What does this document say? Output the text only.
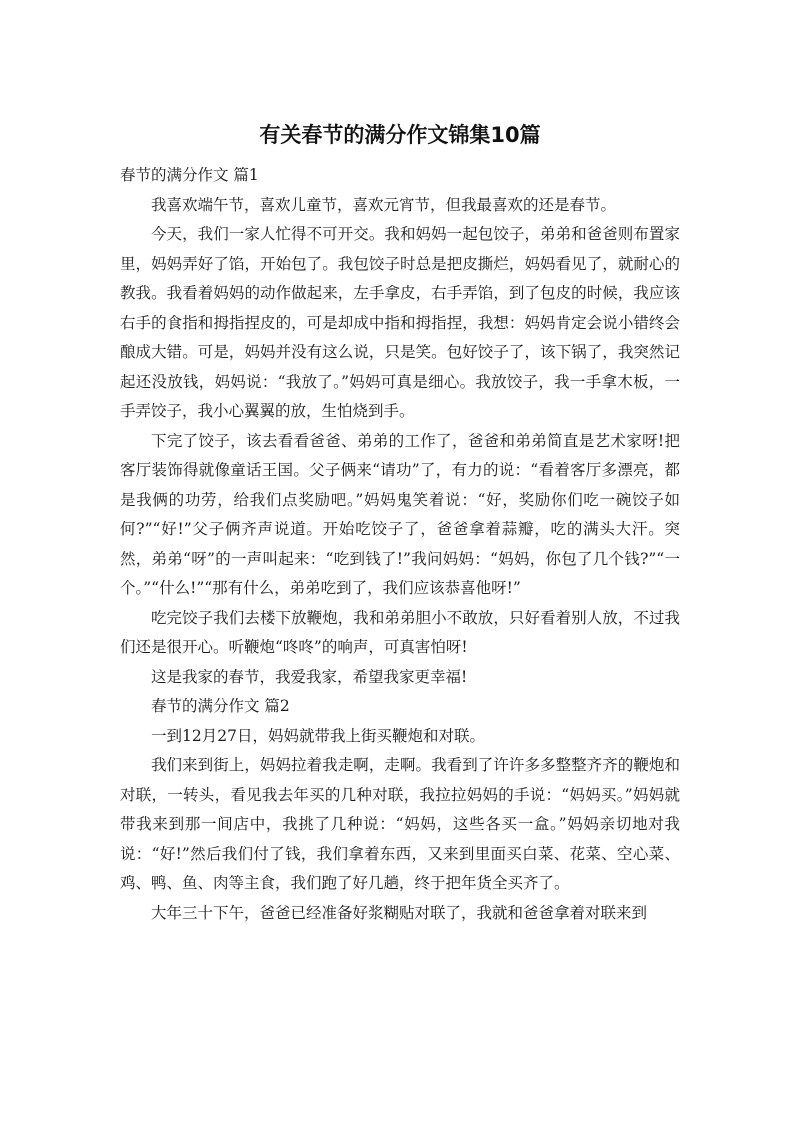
有关春节的满分作文锦集10篇

春节的满分作文 篇1

我喜欢端午节，喜欢儿童节，喜欢元宵节，但我最喜欢的还是春节。

今天，我们一家人忙得不可开交。我和妈妈一起包饺子，弟弟和爸爸则布置家里，妈妈弄好了馅，开始包了。我包饺子时总是把皮撕烂，妈妈看见了，就耐心的教我。我看着妈妈的动作做起来，左手拿皮，右手弄馅，到了包皮的时候，我应该右手的食指和拇指捏皮的，可是却成中指和拇指捏，我想：妈妈肯定会说小错终会酿成大错。可是，妈妈并没有这么说，只是笑。包好饺子了，该下锅了，我突然记起还没放钱，妈妈说：“我放了。”妈妈可真是细心。我放饺子，我一手拿木板，一手弄饺子，我小心翼翼的放，生怕烧到手。

下完了饺子，该去看看爸爸、弟弟的工作了，爸爸和弟弟简直是艺术家呀!把客厅装饰得就像童话王国。父子俩来“请功”了，有力的说：“看着客厅多漂亮，都是我俩的功劳，给我们点奖励吧。”妈妈鬼笑着说：“好，奖励你们吃一碗饺子如何?”“好!”父子俩齐声说道。开始吃饺子了，爸爸拿着蒜瓣，吃的满头大汗。突然，弟弟“呀”的一声叫起来：“吃到钱了!”我问妈妈：“妈妈，你包了几个钱?”“一个。”“什么!”“那有什么，弟弟吃到了，我们应该恭喜他呀!”

吃完饺子我们去楼下放鞭炮，我和弟弟胆小不敢放，只好看着别人放，不过我们还是很开心。听鞭炮“咚咚”的响声，可真害怕呀!

这是我家的春节，我爱我家，希望我家更幸福!

春节的满分作文 篇2

一到12月27日，妈妈就带我上街买鞭炮和对联。

我们来到街上，妈妈拉着我走啊，走啊。我看到了许许多多整整齐齐的鞭炮和对联，一转头，看见我去年买的几种对联，我拉拉妈妈的手说：“妈妈买。”妈妈就带我来到那一间店中，我挑了几种说：“妈妈，这些各买一盒。”妈妈亲切地对我说：“好!”然后我们付了钱，我们拿着东西，又来到里面买白菜、花菜、空心菜、鸡、鸭、鱼、肉等主食，我们跑了好几趟，终于把年货全买齐了。

大年三十下午，爸爸已经准备好浆糊贴对联了，我就和爸爸拿着对联来到
